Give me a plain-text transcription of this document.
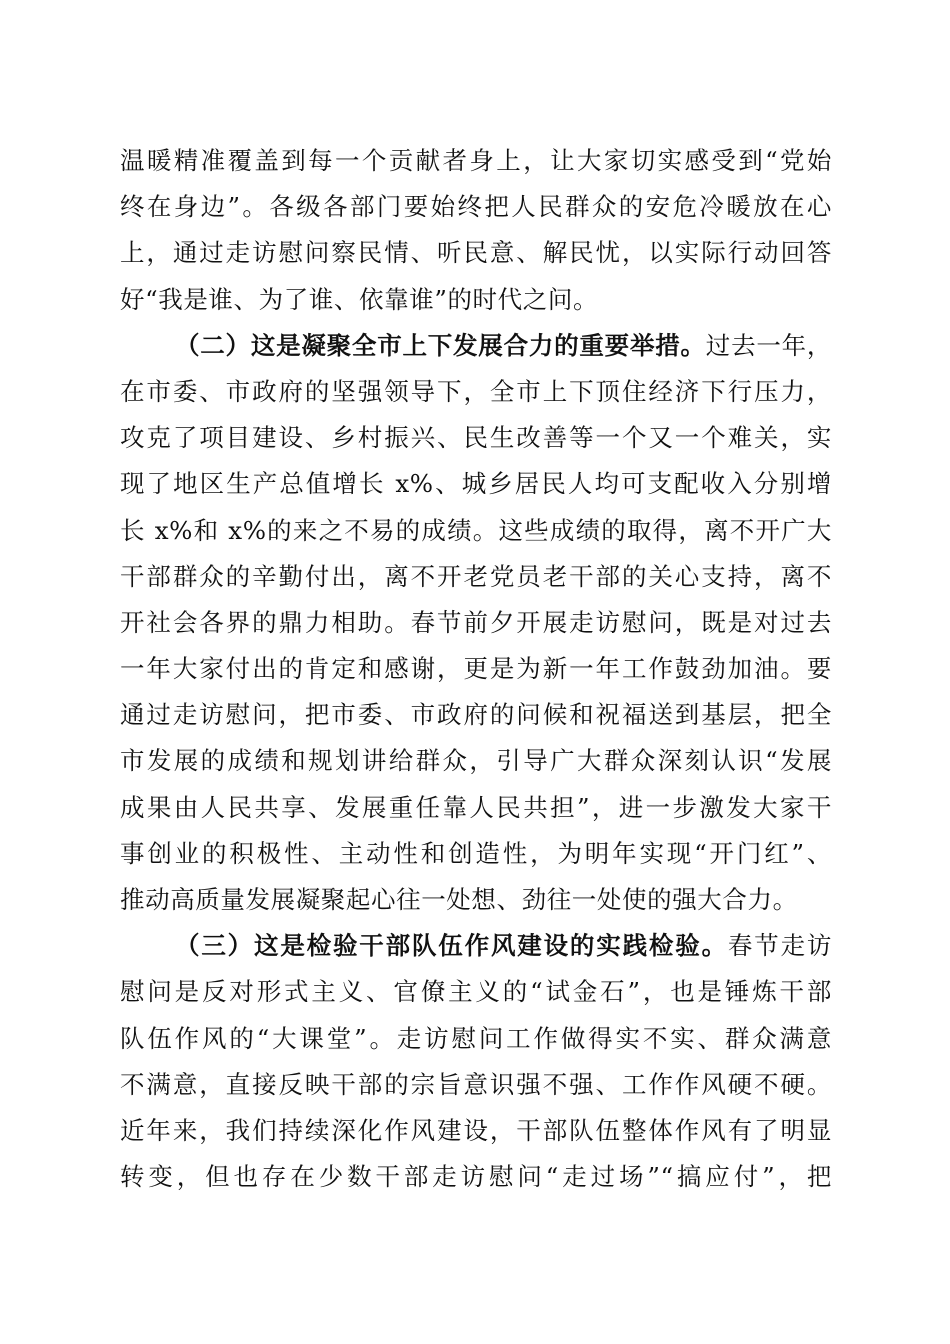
温暖精准覆盖到每一个贡献者身上，让大家切实感受到“党始
终在身边”。各级各部门要始终把人民群众的安危冷暖放在心
上，通过走访慰问察民情、听民意、解民忧，以实际行动回答
好“我是谁、为了谁、依靠谁”的时代之问。
（二）这是凝聚全市上下发展合力的重要举措。过去一年，
在市委、市政府的坚强领导下，全市上下顶住经济下行压力，
攻克了项目建设、乡村振兴、民生改善等一个又一个难关，实
现了地区生产总值增长 x%、城乡居民人均可支配收入分别增
长 x%和 x%的来之不易的成绩。这些成绩的取得，离不开广大
干部群众的辛勤付出，离不开老党员老干部的关心支持，离不
开社会各界的鼎力相助。春节前夕开展走访慰问，既是对过去
一年大家付出的肯定和感谢，更是为新一年工作鼓劲加油。要
通过走访慰问，把市委、市政府的问候和祝福送到基层，把全
市发展的成绩和规划讲给群众，引导广大群众深刻认识“发展
成果由人民共享、发展重任靠人民共担”，进一步激发大家干
事创业的积极性、主动性和创造性，为明年实现“开门红”、
推动高质量发展凝聚起心往一处想、劲往一处使的强大合力。
（三）这是检验干部队伍作风建设的实践检验。春节走访
慰问是反对形式主义、官僚主义的“试金石”，也是锤炼干部
队伍作风的“大课堂”。走访慰问工作做得实不实、群众满意
不满意，直接反映干部的宗旨意识强不强、工作作风硬不硬。
近年来，我们持续深化作风建设，干部队伍整体作风有了明显
转变，但也存在少数干部走访慰问“走过场”“搞应付”，把
